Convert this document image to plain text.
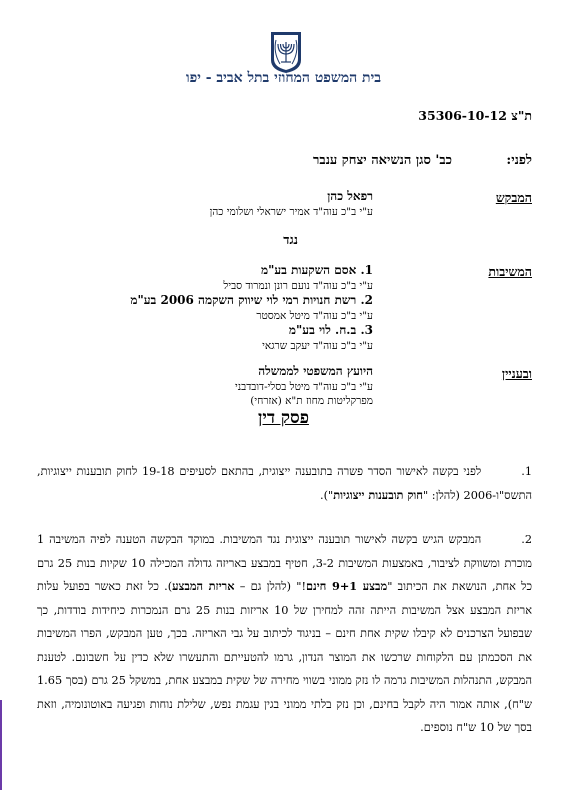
בית המשפט המחוזי בתל אביב - יפו
ת"צ 35306-10-12
לפני:
כב' סגן הנשיאה יצחק ענבר
המבקש
רפאל כהן
ע"י ב"כ עוה"ד אמיר ישראלי ושלומי כהן
נגד
המשיבות
1. אסם השקעות בע"מ
ע"י ב"כ עוה"ד נועם רונן ונמרוד סביל
2. רשת חנויות רמי לוי שיווק השקמה 2006 בע"מ
ע"י ב"כ עוה"ד מיטל אמסטר
3. ב.ח. לוי בע"מ
ע"י ב"כ עוה"ד יעקב שרגאי
ובעניין
היועץ המשפטי לממשלה
ע"י ב"כ עוה"ד מיטל בסלי-דובדבני
מפרקליטות מחוז ת"א (אזרחי)
פסק דין
1.לפני בקשה לאישור הסדר פשרה בתובענה ייצוגית, בהתאם לסעיפים 19-18 לחוק תובענות ייצוגיות, התשס"ו-2006 (להלן: "חוק תובענות ייצוגיות").
2.המבקש הגיש בקשה לאישור תובענה ייצוגית נגד המשיבות. במוקד הבקשה הטענה לפיה המשיבה 1 מוכרת ומשווקת לציבור, באמצעות המשיבות 3-2, חטיף במבצע באריזה גדולה המכילה 10 שקיות בנות 25 גרם כל אחת, הנושאת את הכיתוב "מבצע 9+1 חינם!" (להלן גם – אריזת המבצע). כל זאת כאשר בפועל עלות אריזת המבצע אצל המשיבות הייתה זהה למחירן של 10 אריזות בנות 25 גרם הנמכרות כיחידות בודדות, כך שבפועל הצרכנים לא קיבלו שקית אחת חינם – בניגוד לכיתוב על גבי האריזה. בכך, טען המבקש, הפרו המשיבות את הסכמתן עם הלקוחות שרכשו את המוצר הנדון, גרמו להטעייתם והתעשרו שלא כדין על חשבונם. לטענת המבקש, התנהלות המשיבות גרמה לו נזק ממוני בשווי מחירה של שקית במבצע אחת, במשקל 25 גרם (בסך 1.65 ש"ח), אותה אמור היה לקבל בחינם, וכן נזק בלתי ממוני בגין עגמת נפש, שלילת נוחות ופגיעה באוטונומיה, וזאת בסך של 10 ש"ח נוספים.
